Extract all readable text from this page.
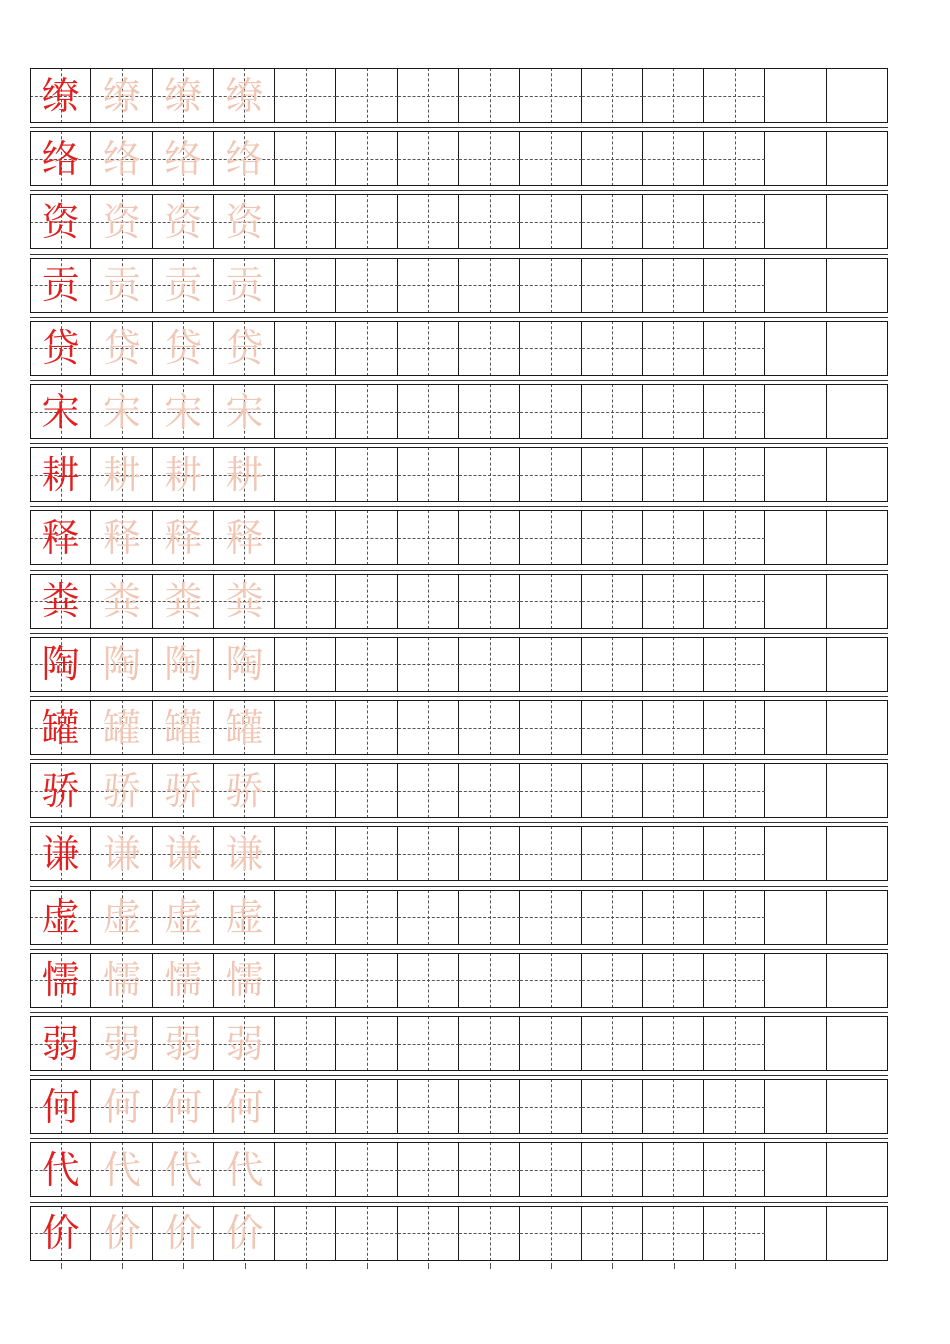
缭 缭 缭 缭
络 络 络 络
资 资 资 资
贡 贡 贡 贡
贷 贷 贷 贷
宋 宋 宋 宋
耕 耕 耕 耕
释 释 释 释
粪 粪 粪 粪
陶 陶 陶 陶
罐 罐 罐 罐
骄 骄 骄 骄
谦 谦 谦 谦
虚 虚 虚 虚
懦 懦 懦 懦
弱 弱 弱 弱
何 何 何 何
代 代 代 代
价 价 价 价
